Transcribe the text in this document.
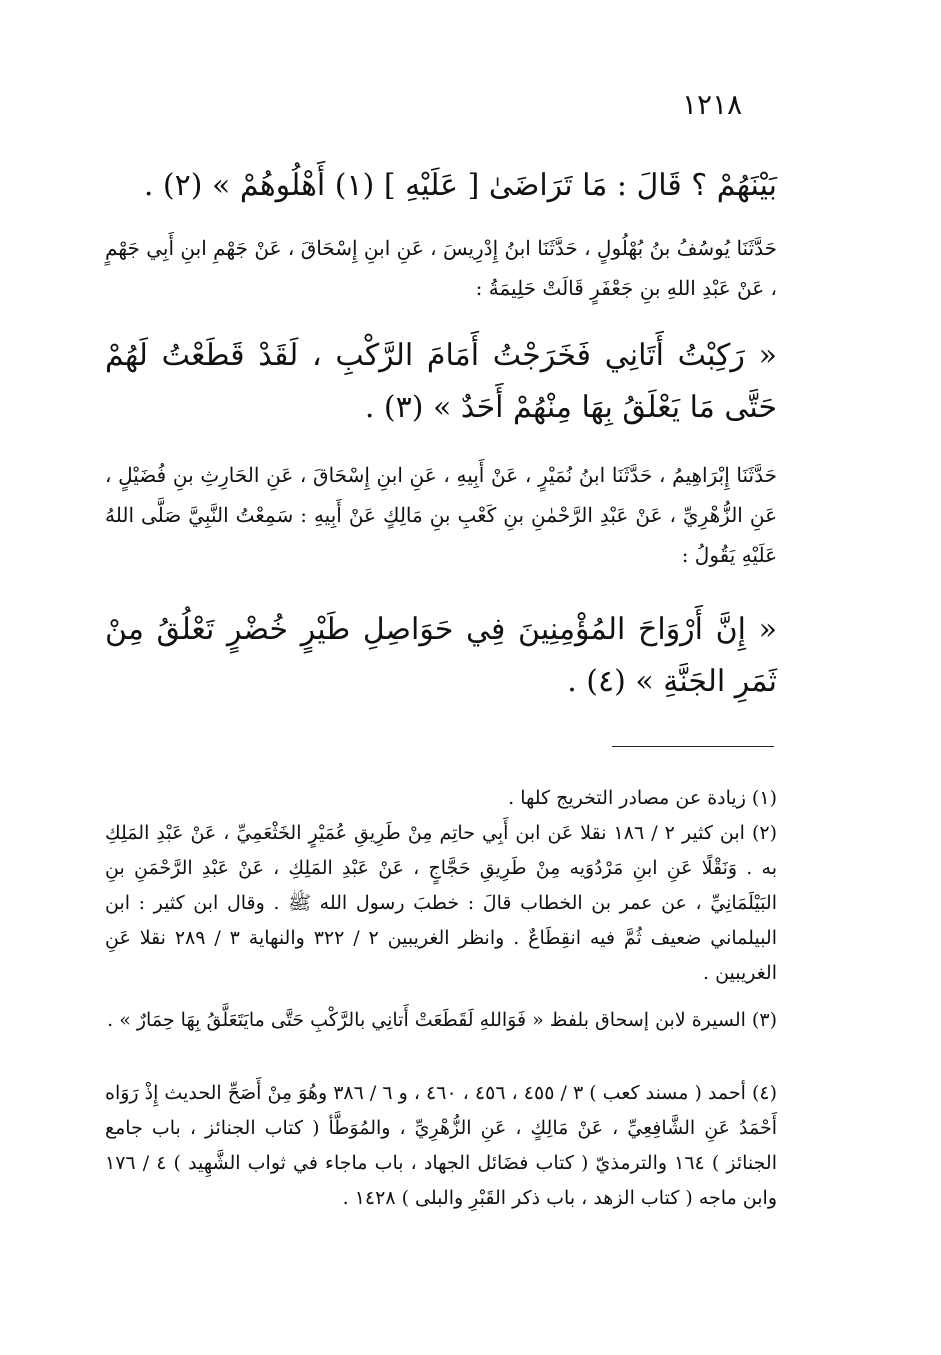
١٢١٨
بَيْنَهُمْ ؟ قَالَ : مَا تَرَاضَىٰ [ عَلَيْهِ ] (١) أَهْلُوهُمْ » (٢) .
حَدَّثَنَا يُوسُفُ بنُ بُهْلُولٍ ، حَدَّثَنَا ابنُ إِدْرِيسَ ، عَنِ ابنِ إِسْحَاقَ ، عَنْ جَهْمِ ابنِ أَبِي جَهْمٍ ، عَنْ عَبْدِ اللهِ بنِ جَعْفَرٍ قَالَتْ حَلِيمَةُ :
« رَكِبْتُ أَتَانِي فَخَرَجْتُ أَمَامَ الرَّكْبِ ، لَقَدْ قَطَعْتُ لَهُمْ حَتَّى مَا يَعْلَقُ بِهَا مِنْهُمْ أَحَدٌ » (٣) .
حَدَّثَنَا إِبْرَاهِيمُ ، حَدَّثَنَا ابنُ نُمَيْرٍ ، عَنْ أَبِيهِ ، عَنِ ابنِ إِسْحَاقَ ، عَنِ الحَارِثِ بنِ فُضَيْلٍ ، عَنِ الزُّهْرِيِّ ، عَنْ عَبْدِ الرَّحْمٰنِ بنِ كَعْبِ بنِ مَالِكٍ عَنْ أَبِيهِ : سَمِعْتُ النَّبِيَّ صَلَّى اللهُ عَلَيْهِ يَقُولُ :
« إِنَّ أَرْوَاحَ المُؤْمِنِينَ فِي حَوَاصِلِ طَيْرٍ خُضْرٍ تَعْلُقُ مِنْ ثَمَرِ الجَنَّةِ » (٤) .
(١) زيادة عن مصادر التخريج كلها .
(٢) ابن كثير ٢ / ١٨٦ نقلا عَن ابن أَبِي حاتِم مِنْ طَرِيقِ عُمَيْرٍ الخَثْعَمِيِّ ، عَنْ عَبْدِ المَلِكِ به . وَنَقْلًا عَنِ ابنِ مَرْدُوَيه مِنْ طَرِيقِ حَجَّاجٍ ، عَنْ عَبْدِ المَلِكِ ، عَنْ عَبْدِ الرَّحْمَنِ بنِ البَيْلَمَانِيِّ ، عن عمر بن الخطاب قالَ : خطبَ رسول الله ﷺ . وقال ابن كثير : ابن البيلماني ضعيف ثُمَّ فيه انقِطَاعٌ . وانظر الغريبين ٢ / ٣٢٢ والنهاية ٣ / ٢٨٩ نقلا عَنِ الغريبين .
(٣) السيرة لابن إسحاق بلفظ « فَوَاللهِ لَقَطَعَتْ أَتانِي بالرَّكْبِ حَتَّى مايَتَعَلَّقُ بِهَا حِمَارٌ » .
(٤) أحمد ( مسند كعب ) ٣ / ٤٥٥ ، ٤٥٦ ، ٤٦٠ ، و ٦ / ٣٨٦ وهُوَ مِنْ أَصَحِّ الحديث إِذْ رَوَاه أَحْمَدُ عَنِ الشَّافِعِيِّ ، عَنْ مَالِكٍ ، عَنِ الزُّهْرِيِّ ، والمُوَطَّأ ( كتاب الجنائز ، باب جامع الجنائز ) ١٦٤ والترمذيّ ( كتاب فضَائل الجهاد ، باب ماجاء في ثواب الشَّهِيد ) ٤ / ١٧٦ وابن ماجه ( كتاب الزهد ، باب ذكر القَبْرِ والبلى ) ١٤٢٨ .
